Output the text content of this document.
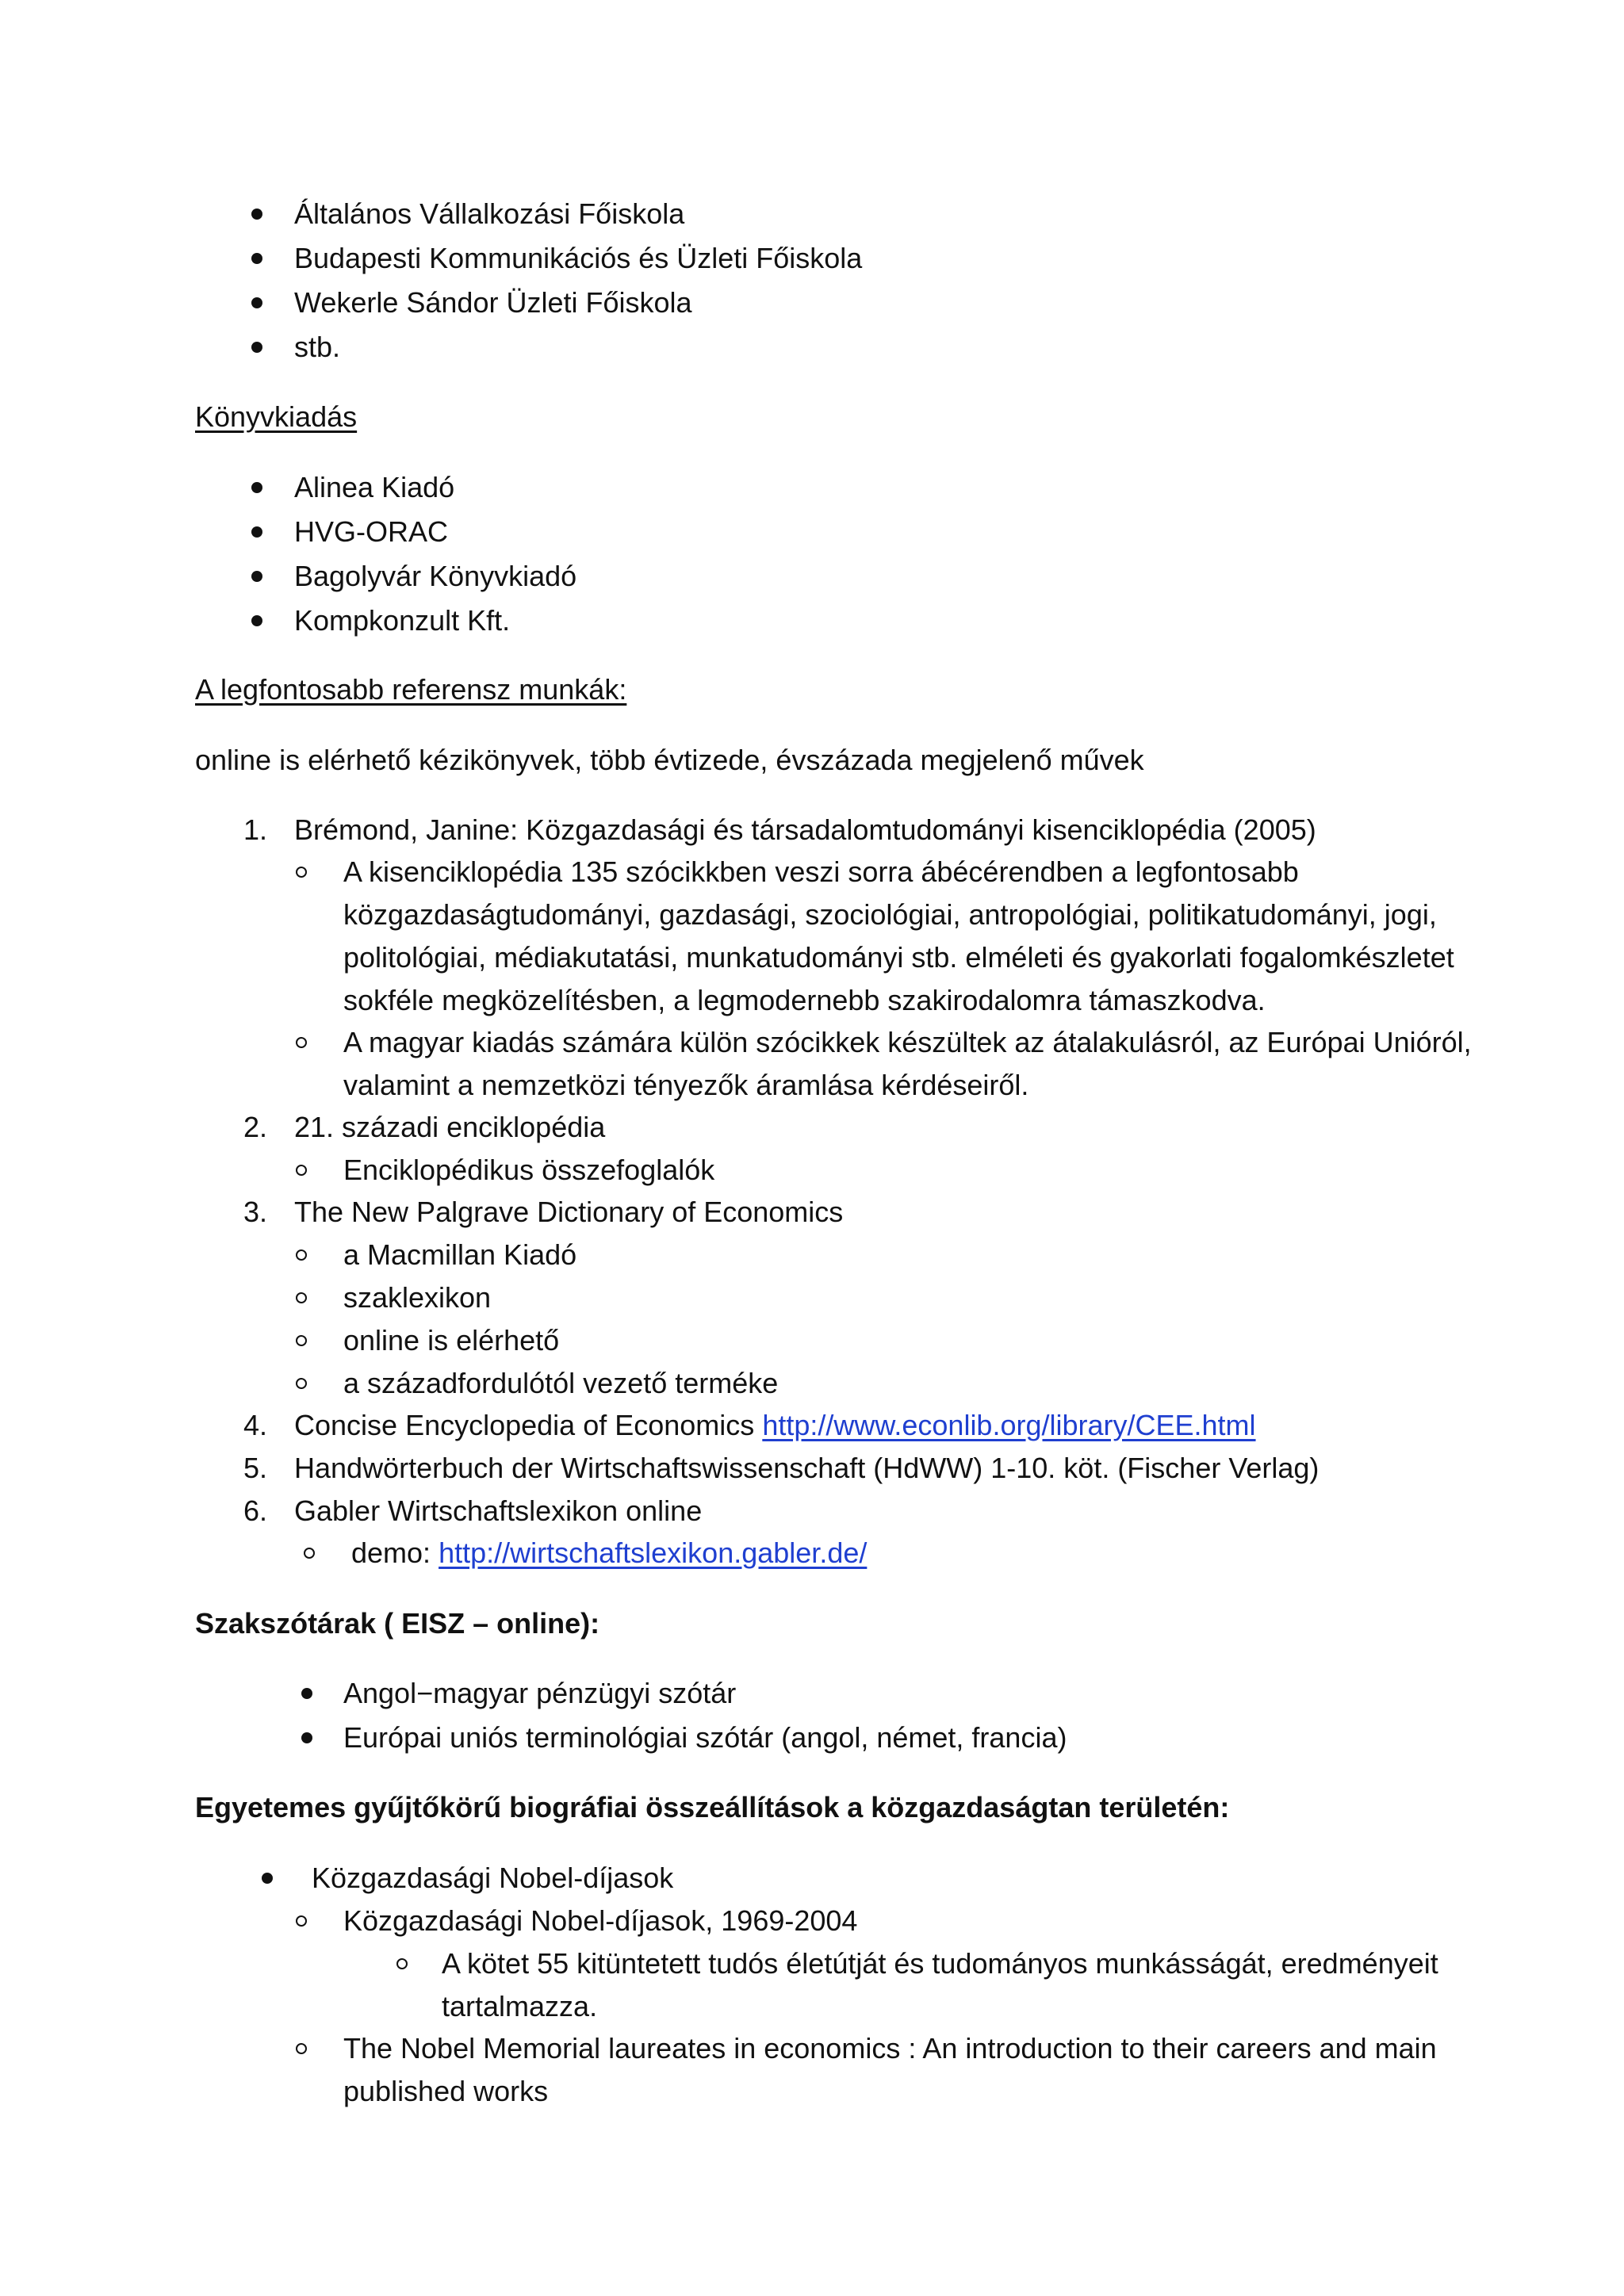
Általános Vállalkozási Főiskola
Budapesti Kommunikációs és Üzleti Főiskola
Wekerle Sándor Üzleti Főiskola
stb.
Könyvkiadás
Alinea Kiadó
HVG-ORAC
Bagolyvár Könyvkiadó
Kompkonzult Kft.
A legfontosabb referensz munkák:
online is elérhető kézikönyvek, több évtizede, évszázada megjelenő művek
1. Brémond, Janine: Közgazdasági és társadalomtudományi kisenciklopédia (2005)
A kisenciklopédia 135 szócikkben veszi sorra ábécérendben a legfontosabb
közgazdaságtudományi, gazdasági, szociológiai, antropológiai, politikatudományi, jogi,
politológiai, médiakutatási, munkatudományi stb. elméleti és gyakorlati fogalomkészletet
sokféle megközelítésben, a legmodernebb szakirodalomra támaszkodva.
A magyar kiadás számára külön szócikkek készültek az átalakulásról, az Európai Unióról,
valamint a nemzetközi tényezők áramlása kérdéseiről.
2. 21. századi enciklopédia
Enciklopédikus összefoglalók
3. The New Palgrave Dictionary of Economics
a Macmillan Kiadó
szaklexikon
online is elérhető
a századfordulótól vezető terméke
4. Concise Encyclopedia of Economics http://www.econlib.org/library/CEE.html
5. Handwörterbuch der Wirtschaftswissenschaft (HdWW) 1-10. köt. (Fischer Verlag)
6. Gabler Wirtschaftslexikon online
demo: http://wirtschaftslexikon.gabler.de/
Szakszótárak ( EISZ – online):
Angol−magyar pénzügyi szótár
Európai uniós terminológiai szótár (angol, német, francia)
Egyetemes gyűjtőkörű biográfiai összeállítások a közgazdaságtan területén:
Közgazdasági Nobel-díjasok
Közgazdasági Nobel-díjasok, 1969-2004
A kötet 55 kitüntetett tudós életútját és tudományos munkásságát, eredményeit
tartalmazza.
The Nobel Memorial laureates in economics : An introduction to their careers and main
published works
